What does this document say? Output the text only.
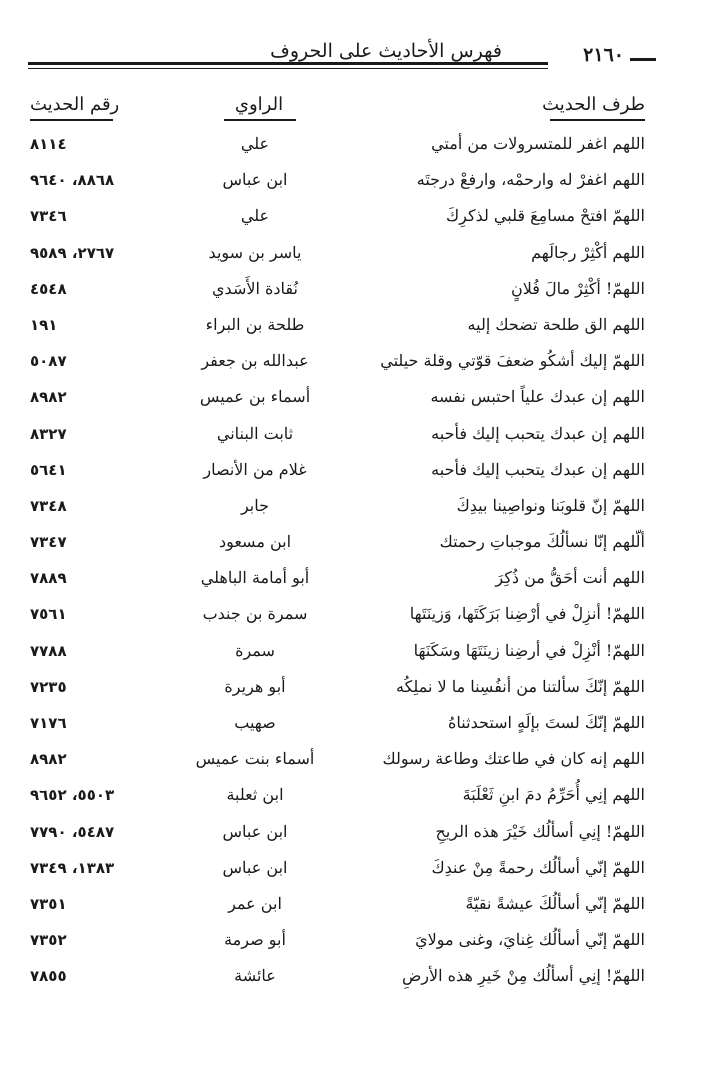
فهرس الأحاديث على الحروف	٢١٦٠
طرف الحديث
الراوي
رقم الحديث
اللهم اغفر للمتسرولات من أمتي
علي
٨١١٤
اللهم اغفرْ له وارحمْه، وارفعْ درجتَه
ابن عباس
٨٨٦٨، ٩٦٤٠
اللهمّ افتحْ مسامِعَ قلبي لذكرِكَ
علي
٧٣٤٦
اللهم أكْثِرْ رجالَهم
ياسر بن سويد
٢٧٦٧، ٩٥٨٩
اللهمّ! أكْثِرْ مالَ فُلانٍ
نُقادة الأَسَدي
٤٥٤٨
اللهم الق طلحة تضحك إليه
طلحة بن البراء
١٩١
اللهمّ إليك أشكُو ضعفَ قوّتي وقلة حيلتي
عبدالله بن جعفر
٥٠٨٧
اللهم إن عبدك علياً احتبس نفسه
أسماء بن عميس
٨٩٨٢
اللهم إن عبدك يتحبب إليك فأحبه
ثابت البناني
٨٣٢٧
اللهم إن عبدك يتحبب إليك فأحبه
غلام من الأنصار
٥٦٤١
اللهمّ إنّ قلوبَنا ونواصِينا بيدِكَ
جابر
٧٣٤٨
ألّلهم إنّا نسألُكَ موجباتِ رحمتك
ابن مسعود
٧٣٤٧
اللهم أنت أحَقُّ من ذُكِرَ
أبو أمامة الباهلي
٧٨٨٩
اللهمّ! أنزِلْ في أرْضِنا بَرَكَتَها، وَزينَتَها
سمرة بن جندب
٧٥٦١
اللهمّ! أنْزِلْ في أرضِنا زينَتَهَا وسَكَنَهَا
سمرة
٧٧٨٨
اللهمّ إنّكَ سألتنا من أنفُسِنا ما لا نملِكُه
أبو هريرة
٧٢٣٥
اللهمّ إنّكَ لستَ بإلَهٍ استحدثناهُ
صهيب
٧١٧٦
اللهم إنه كان في طاعتك وطاعة رسولك
أسماء بنت عميس
٨٩٨٢
اللهم إنِي أُحَرِّمُ دمَ ابنِ ثَعْلَبَةَ
ابن ثعلبة
٥٥٠٣، ٩٦٥٢
اللهمّ! إنِي أسألُك خَيْرَ هذه الريحِ
ابن عباس
٥٤٨٧، ٧٧٩٠
اللهمّ إنّي أسألُك رحمةً مِنْ عندِكَ
ابن عباس
١٣٨٣، ٧٣٤٩
اللهمّ إنّي أسألُكَ عيشةً نقيّةً
ابن عمر
٧٣٥١
اللهمّ إنّي أسألُك غِنايَ، وغنى مولايَ
أبو صرمة
٧٣٥٢
اللهمّ! إنِي أسألُك مِنْ خَيرِ هذه الأرضِ
عائشة
٧٨٥٥
